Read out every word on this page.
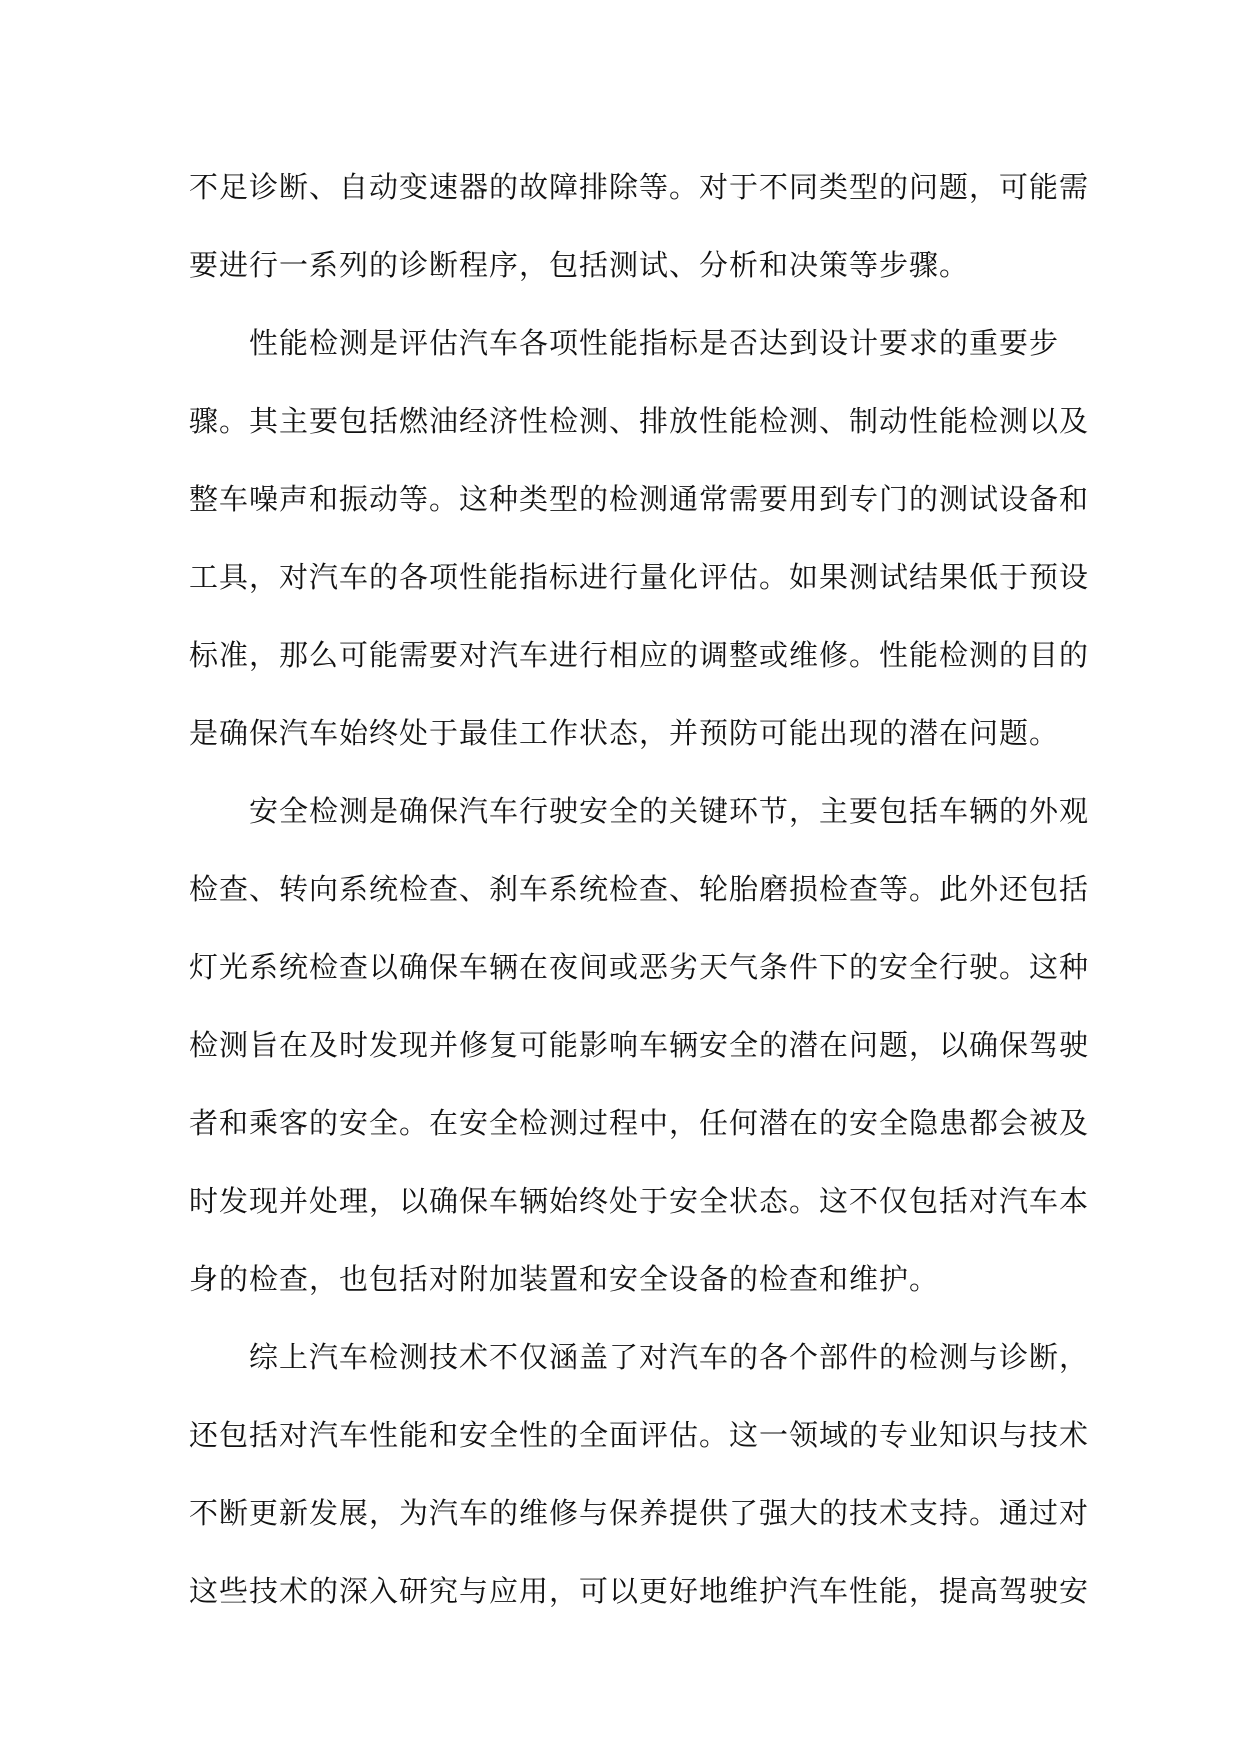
不足诊断、自动变速器的故障排除等。对于不同类型的问题，可能需
要进行一系列的诊断程序，包括测试、分析和决策等步骤。
性能检测是评估汽车各项性能指标是否达到设计要求的重要步
骤。其主要包括燃油经济性检测、排放性能检测、制动性能检测以及
整车噪声和振动等。这种类型的检测通常需要用到专门的测试设备和
工具，对汽车的各项性能指标进行量化评估。如果测试结果低于预设
标准，那么可能需要对汽车进行相应的调整或维修。性能检测的目的
是确保汽车始终处于最佳工作状态，并预防可能出现的潜在问题。
安全检测是确保汽车行驶安全的关键环节，主要包括车辆的外观
检查、转向系统检查、刹车系统检查、轮胎磨损检查等。此外还包括
灯光系统检查以确保车辆在夜间或恶劣天气条件下的安全行驶。这种
检测旨在及时发现并修复可能影响车辆安全的潜在问题，以确保驾驶
者和乘客的安全。在安全检测过程中，任何潜在的安全隐患都会被及
时发现并处理，以确保车辆始终处于安全状态。这不仅包括对汽车本
身的检查，也包括对附加装置和安全设备的检查和维护。
综上汽车检测技术不仅涵盖了对汽车的各个部件的检测与诊断，
还包括对汽车性能和安全性的全面评估。这一领域的专业知识与技术
不断更新发展，为汽车的维修与保养提供了强大的技术支持。通过对
这些技术的深入研究与应用，可以更好地维护汽车性能，提高驾驶安
